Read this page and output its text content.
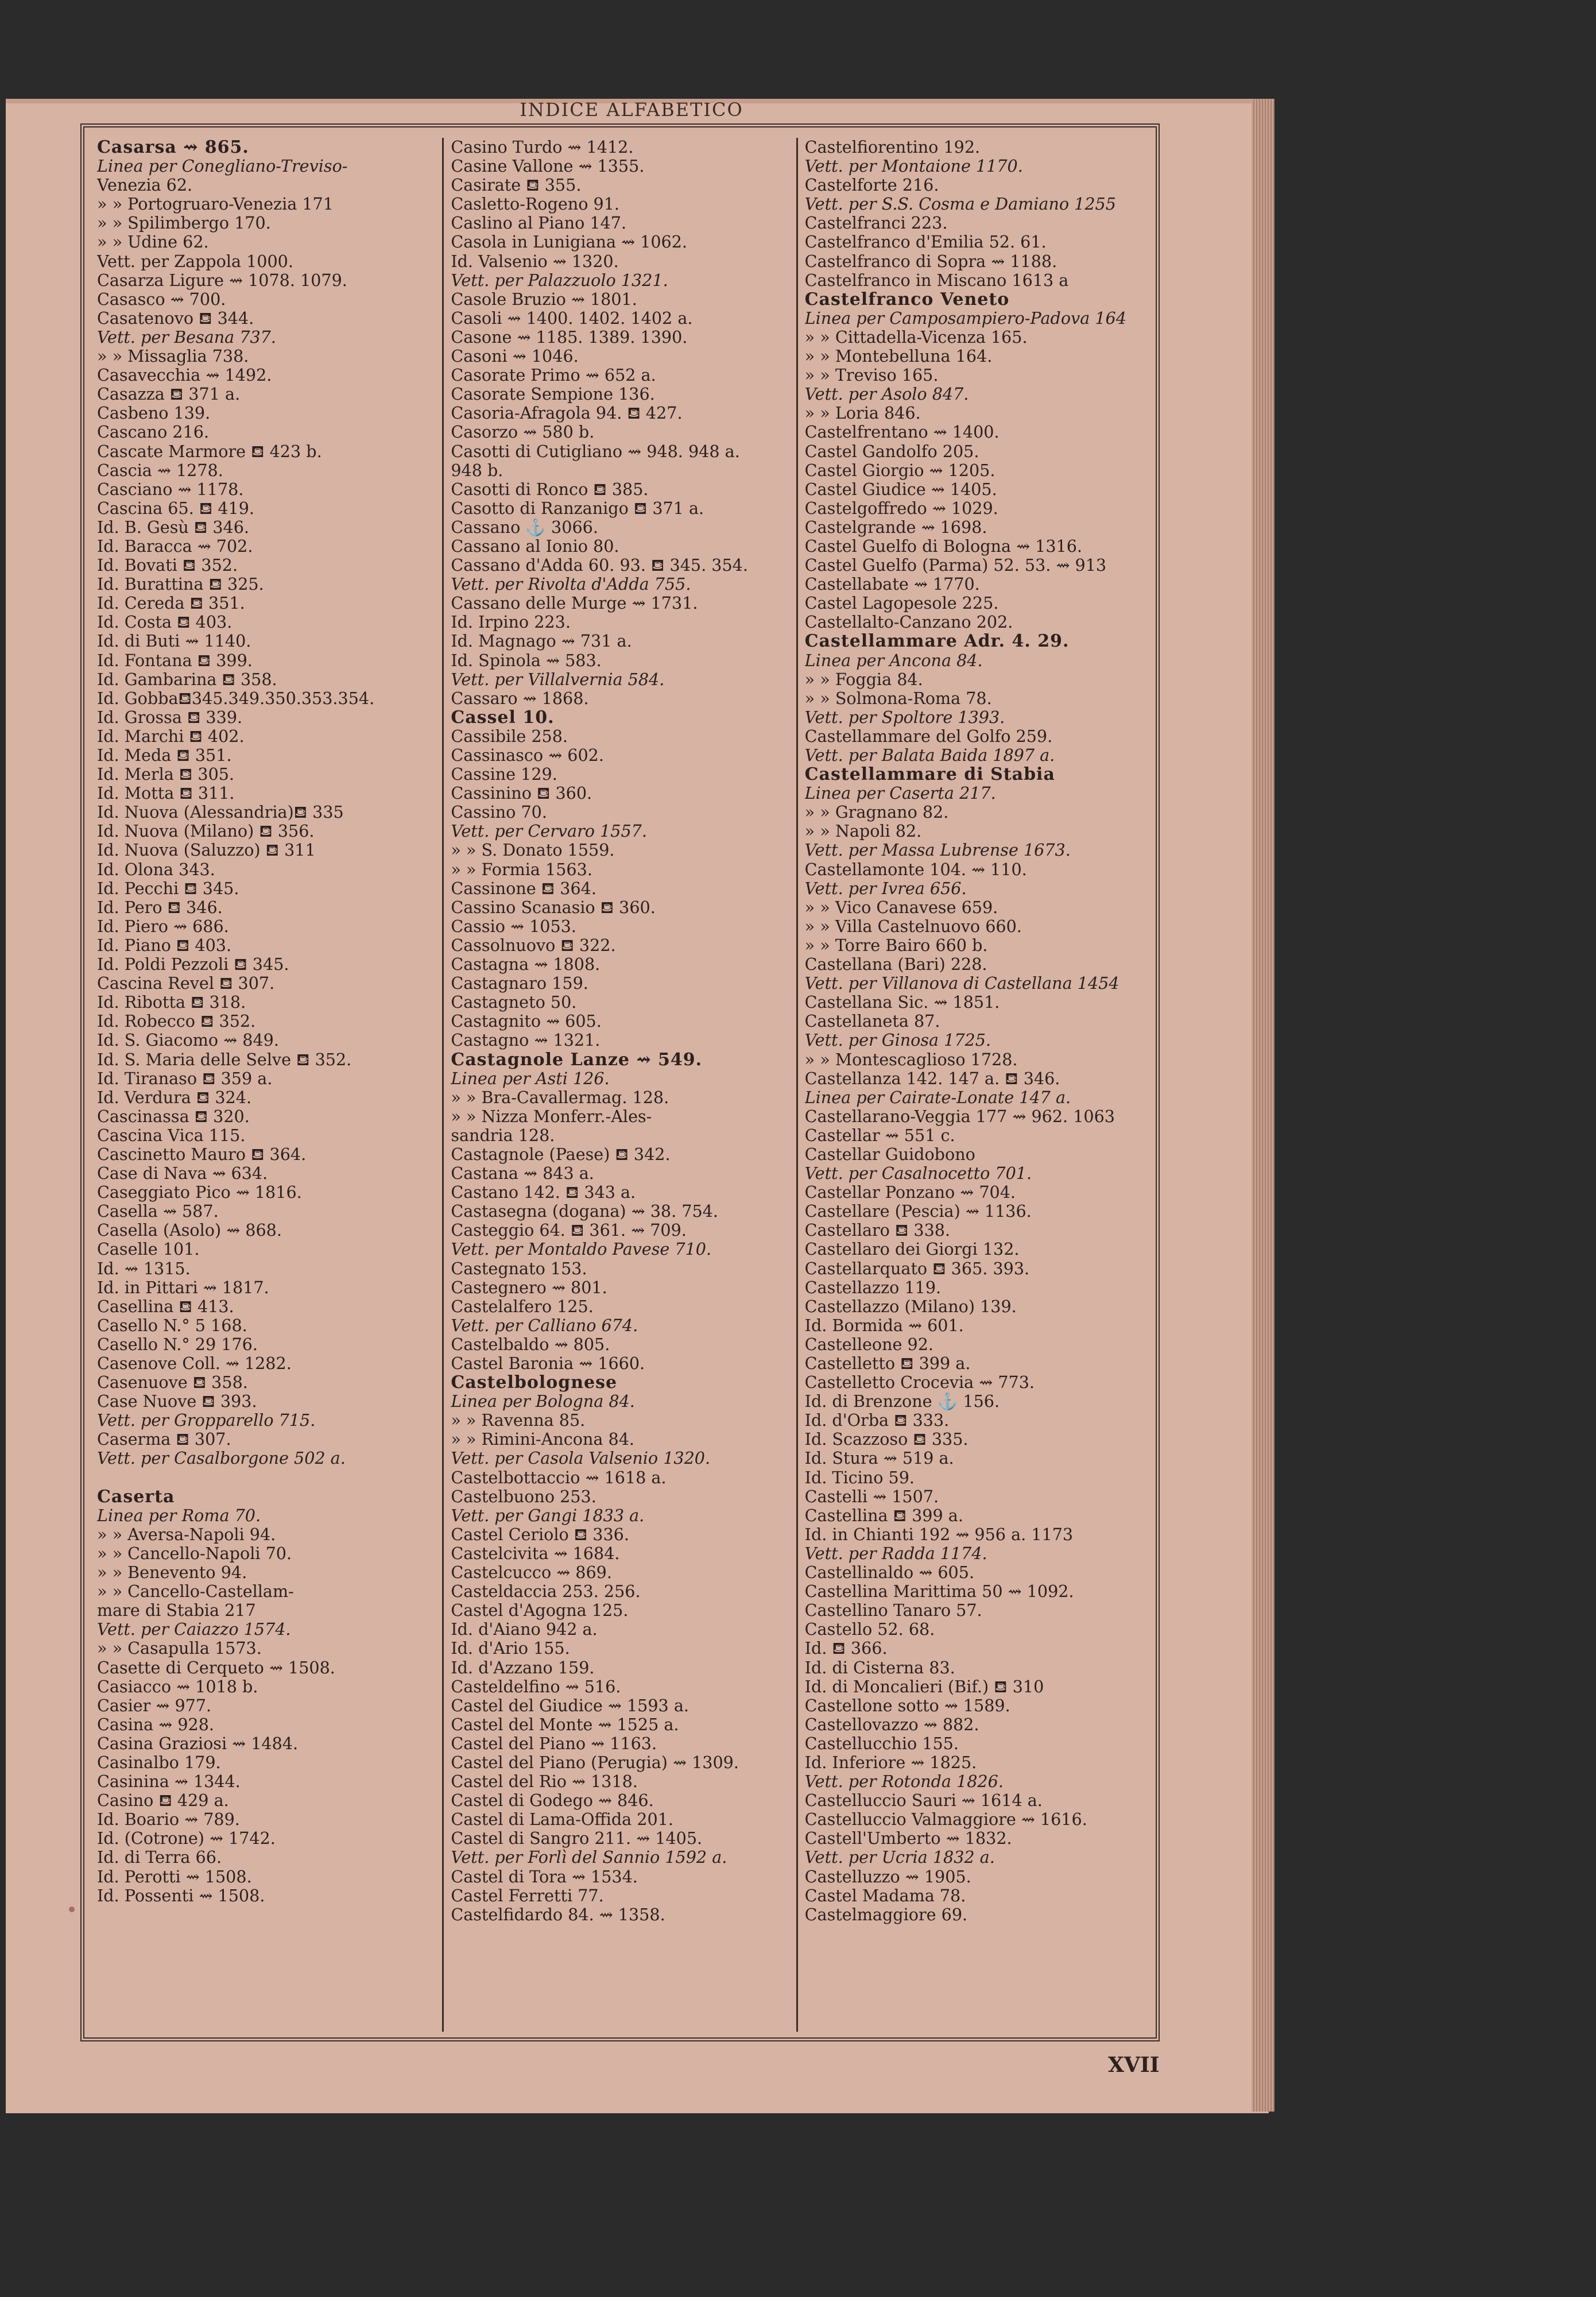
INDICE ALFABETICO
Casarsa ⇝ 865.
Linea per Conegliano-Treviso-
Venezia 62.
» » Portogruaro-Venezia 171
» » Spilimbergo 170.
» » Udine 62.
Vett. per Zappola 1000.
Casarza Ligure ⇝ 1078. 1079.
Casasco ⇝ 700.
Casatenovo ⛾ 344.
Vett. per Besana 737.
» » Missaglia 738.
Casavecchia ⇝ 1492.
Casazza ⛾ 371 a.
Casbeno 139.
Cascano 216.
Cascate Marmore ⛾ 423 b.
Cascia ⇝ 1278.
Casciano ⇝ 1178.
Cascina 65. ⛾ 419.
Id. B. Gesù ⛾ 346.
Id. Baracca ⇝ 702.
Id. Bovati ⛾ 352.
Id. Burattina ⛾ 325.
Id. Cereda ⛾ 351.
Id. Costa ⛾ 403.
Id. di Buti ⇝ 1140.
Id. Fontana ⛾ 399.
Id. Gambarina ⛾ 358.
Id. Gobba⛾345.349.350.353.354.
Id. Grossa ⛾ 339.
Id. Marchi ⛾ 402.
Id. Meda ⛾ 351.
Id. Merla ⛾ 305.
Id. Motta ⛾ 311.
Id. Nuova (Alessandria)⛾ 335
Id. Nuova (Milano) ⛾ 356.
Id. Nuova (Saluzzo) ⛾ 311
Id. Olona 343.
Id. Pecchi ⛾ 345.
Id. Pero ⛾ 346.
Id. Piero ⇝ 686.
Id. Piano ⛾ 403.
Id. Poldi Pezzoli ⛾ 345.
Cascina Revel ⛾ 307.
Id. Ribotta ⛾ 318.
Id. Robecco ⛾ 352.
Id. S. Giacomo ⇝ 849.
Id. S. Maria delle Selve ⛾ 352.
Id. Tiranaso ⛾ 359 a.
Id. Verdura ⛾ 324.
Cascinassa ⛾ 320.
Cascina Vica 115.
Cascinetto Mauro ⛾ 364.
Case di Nava ⇝ 634.
Caseggiato Pico ⇝ 1816.
Casella ⇝ 587.
Casella (Asolo) ⇝ 868.
Caselle 101.
Id. ⇝ 1315.
Id. in Pittari ⇝ 1817.
Casellina ⛾ 413.
Casello N.° 5 168.
Casello N.° 29 176.
Casenove Coll. ⇝ 1282.
Casenuove ⛾ 358.
Case Nuove ⛾ 393.
Vett. per Gropparello 715.
Caserma ⛾ 307.
Vett. per Casalborgone 502 a.

Caserta
Linea per Roma 70.
» » Aversa-Napoli 94.
» » Cancello-Napoli 70.
» » Benevento 94.
» » Cancello-Castellam-
mare di Stabia 217
Vett. per Caiazzo 1574.
» » Casapulla 1573.
Casette di Cerqueto ⇝ 1508.
Casiacco ⇝ 1018 b.
Casier ⇝ 977.
Casina ⇝ 928.
Casina Graziosi ⇝ 1484.
Casinalbo 179.
Casinina ⇝ 1344.
Casino ⛾ 429 a.
Id. Boario ⇝ 789.
Id. (Cotrone) ⇝ 1742.
Id. di Terra 66.
Id. Perotti ⇝ 1508.
Id. Possenti ⇝ 1508.
Casino Turdo ⇝ 1412.
Casine Vallone ⇝ 1355.
Casirate ⛾ 355.
Casletto-Rogeno 91.
Caslino al Piano 147.
Casola in Lunigiana ⇝ 1062.
Id. Valsenio ⇝ 1320.
Vett. per Palazzuolo 1321.
Casole Bruzio ⇝ 1801.
Casoli ⇝ 1400. 1402. 1402 a.
Casone ⇝ 1185. 1389. 1390.
Casoni ⇝ 1046.
Casorate Primo ⇝ 652 a.
Casorate Sempione 136.
Casoria-Afragola 94. ⛾ 427.
Casorzo ⇝ 580 b.
Casotti di Cutigliano ⇝ 948. 948 a.
948 b.
Casotti di Ronco ⛾ 385.
Casotto di Ranzanigo ⛾ 371 a.
Cassano ⚓ 3066.
Cassano al Ionio 80.
Cassano d'Adda 60. 93. ⛾ 345. 354.
Vett. per Rivolta d'Adda 755.
Cassano delle Murge ⇝ 1731.
Id. Irpino 223.
Id. Magnago ⇝ 731 a.
Id. Spinola ⇝ 583.
Vett. per Villalvernia 584.
Cassaro ⇝ 1868.
Cassel 10.
Cassibile 258.
Cassinasco ⇝ 602.
Cassine 129.
Cassinino ⛾ 360.
Cassino 70.
Vett. per Cervaro 1557.
» » S. Donato 1559.
» » Formia 1563.
Cassinone ⛾ 364.
Cassino Scanasio ⛾ 360.
Cassio ⇝ 1053.
Cassolnuovo ⛾ 322.
Castagna ⇝ 1808.
Castagnaro 159.
Castagneto 50.
Castagnito ⇝ 605.
Castagno ⇝ 1321.
Castagnole Lanze ⇝ 549.
Linea per Asti 126.
» » Bra-Cavallermag. 128.
» » Nizza Monferr.-Ales-
sandria 128.
Castagnole (Paese) ⛾ 342.
Castana ⇝ 843 a.
Castano 142. ⛾ 343 a.
Castasegna (dogana) ⇝ 38. 754.
Casteggio 64. ⛾ 361. ⇝ 709.
Vett. per Montaldo Pavese 710.
Castegnato 153.
Castegnero ⇝ 801.
Castelalfero 125.
Vett. per Calliano 674.
Castelbaldo ⇝ 805.
Castel Baronia ⇝ 1660.
Castelbolognese
Linea per Bologna 84.
» » Ravenna 85.
» » Rimini-Ancona 84.
Vett. per Casola Valsenio 1320.
Castelbottaccio ⇝ 1618 a.
Castelbuono 253.
Vett. per Gangi 1833 a.
Castel Ceriolo ⛾ 336.
Castelcivita ⇝ 1684.
Castelcucco ⇝ 869.
Casteldaccia 253. 256.
Castel d'Agogna 125.
Id. d'Aiano 942 a.
Id. d'Ario 155.
Id. d'Azzano 159.
Casteldelfino ⇝ 516.
Castel del Giudice ⇝ 1593 a.
Castel del Monte ⇝ 1525 a.
Castel del Piano ⇝ 1163.
Castel del Piano (Perugia) ⇝ 1309.
Castel del Rio ⇝ 1318.
Castel di Godego ⇝ 846.
Castel di Lama-Offida 201.
Castel di Sangro 211. ⇝ 1405.
Vett. per Forlì del Sannio 1592 a.
Castel di Tora ⇝ 1534.
Castel Ferretti 77.
Castelfidardo 84. ⇝ 1358.
Castelfiorentino 192.
Vett. per Montaione 1170.
Castelforte 216.
Vett. per S.S. Cosma e Damiano 1255
Castelfranci 223.
Castelfranco d'Emilia 52. 61.
Castelfranco di Sopra ⇝ 1188.
Castelfranco in Miscano 1613 a
Castelfranco Veneto
Linea per Camposampiero-Padova 164
» » Cittadella-Vicenza 165.
» » Montebelluna 164.
» » Treviso 165.
Vett. per Asolo 847.
» » Loria 846.
Castelfrentano ⇝ 1400.
Castel Gandolfo 205.
Castel Giorgio ⇝ 1205.
Castel Giudice ⇝ 1405.
Castelgoffredo ⇝ 1029.
Castelgrande ⇝ 1698.
Castel Guelfo di Bologna ⇝ 1316.
Castel Guelfo (Parma) 52. 53. ⇝ 913
Castellabate ⇝ 1770.
Castel Lagopesole 225.
Castellalto-Canzano 202.
Castellammare Adr. 4. 29.
Linea per Ancona 84.
» » Foggia 84.
» » Solmona-Roma 78.
Vett. per Spoltore 1393.
Castellammare del Golfo 259.
Vett. per Balata Baida 1897 a.
Castellammare di Stabia
Linea per Caserta 217.
» » Gragnano 82.
» » Napoli 82.
Vett. per Massa Lubrense 1673.
Castellamonte 104. ⇝ 110.
Vett. per Ivrea 656.
» » Vico Canavese 659.
» » Villa Castelnuovo 660.
» » Torre Bairo 660 b.
Castellana (Bari) 228.
Vett. per Villanova di Castellana 1454
Castellana Sic. ⇝ 1851.
Castellaneta 87.
Vett. per Ginosa 1725.
» » Montescaglioso 1728.
Castellanza 142. 147 a. ⛾ 346.
Linea per Cairate-Lonate 147 a.
Castellarano-Veggia 177 ⇝ 962. 1063
Castellar ⇝ 551 c.
Castellar Guidobono
Vett. per Casalnocetto 701.
Castellar Ponzano ⇝ 704.
Castellare (Pescia) ⇝ 1136.
Castellaro ⛾ 338.
Castellaro dei Giorgi 132.
Castellarquato ⛾ 365. 393.
Castellazzo 119.
Castellazzo (Milano) 139.
Id. Bormida ⇝ 601.
Castelleone 92.
Castelletto ⛾ 399 a.
Castelletto Crocevia ⇝ 773.
Id. di Brenzone ⚓ 156.
Id. d'Orba ⛾ 333.
Id. Scazzoso ⛾ 335.
Id. Stura ⇝ 519 a.
Id. Ticino 59.
Castelli ⇝ 1507.
Castellina ⛾ 399 a.
Id. in Chianti 192 ⇝ 956 a. 1173
Vett. per Radda 1174.
Castellinaldo ⇝ 605.
Castellina Marittima 50 ⇝ 1092.
Castellino Tanaro 57.
Castello 52. 68.
Id. ⛾ 366.
Id. di Cisterna 83.
Id. di Moncalieri (Bif.) ⛾ 310
Castellone sotto ⇝ 1589.
Castellovazzo ⇝ 882.
Castellucchio 155.
Id. Inferiore ⇝ 1825.
Vett. per Rotonda 1826.
Castelluccio Sauri ⇝ 1614 a.
Castelluccio Valmaggiore ⇝ 1616.
Castell'Umberto ⇝ 1832.
Vett. per Ucria 1832 a.
Castelluzzo ⇝ 1905.
Castel Madama 78.
Castelmaggiore 69.
XVII
